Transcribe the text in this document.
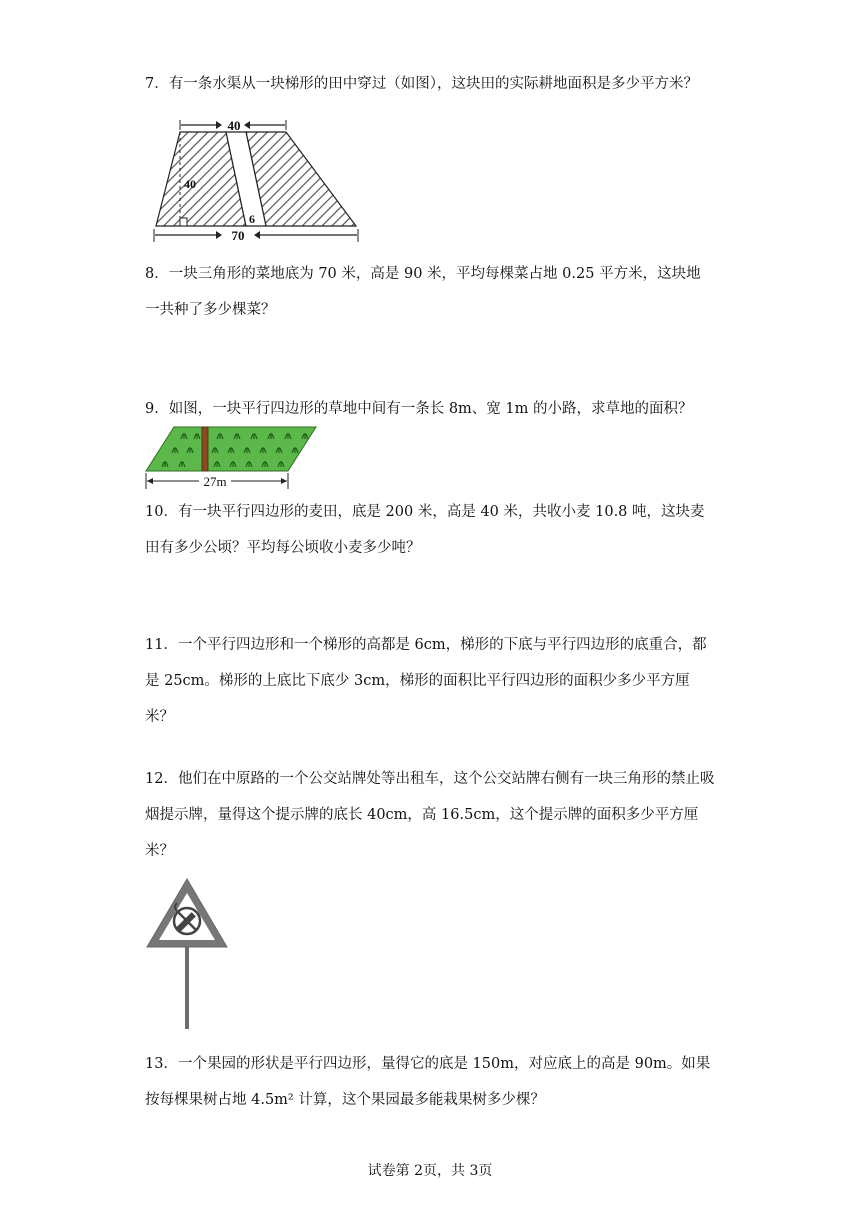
7．有一条水渠从一块梯形的田中穿过（如图），这块田的实际耕地面积是多少平方米？

40
40
6
70

8．一块三角形的菜地底为 70 米，高是 90 米，平均每棵菜占地 0.25 平方米，这块地一共种了多少棵菜？

9．如图，一块平行四边形的草地中间有一条长 8m、宽 1m 的小路，求草地的面积？

27m

10．有一块平行四边形的麦田，底是 200 米，高是 40 米，共收小麦 10.8 吨，这块麦田有多少公顷？平均每公顷收小麦多少吨？

11．一个平行四边形和一个梯形的高都是 6cm，梯形的下底与平行四边形的底重合，都是 25cm。梯形的上底比下底少 3cm，梯形的面积比平行四边形的面积少多少平方厘米？

12．他们在中原路的一个公交站牌处等出租车，这个公交站牌右侧有一块三角形的禁止吸烟提示牌，量得这个提示牌的底长 40cm，高 16.5cm，这个提示牌的面积多少平方厘米？

13．一个果园的形状是平行四边形，量得它的底是 150m，对应底上的高是 90m。如果按每棵果树占地 4.5m² 计算，这个果园最多能栽果树多少棵？

试卷第 2页，共 3页
